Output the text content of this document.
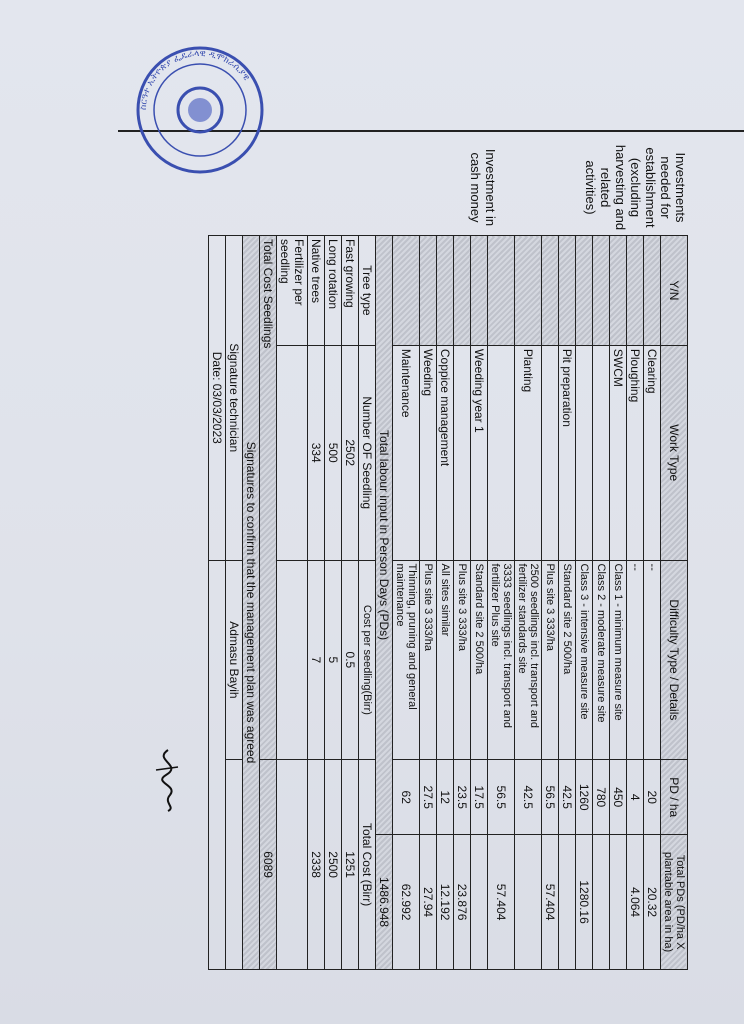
Investments needed for establishment (excluding harvesting and related activities)
Investment in cash money
Y/N	Work Type	Difficulty Type / Details	PD / ha	Total PDs (PD/ha X plantable area in ha)
	Clearing	--	20	20.32
	Ploughing	--	4	4.064
	SWCM	Class 1 - minimum measure site	450	
		Class 2 - moderate measure site	780	
		Class 3 - intensive measure site	1260	1280.16
	Pit preparation	Standard site 2 500/ha	42.5	
		Plus site 3 333/ha	56.5	57.404
	Planting	2500 seedlings incl. transport and fertilizer standards site	42.5	
		3333 seedlings incl. transport and fertilizer Plus site	56.5	57.404
	Weeding year 1	Standard site 2 500/ha	17.5	
		Plus site 3 333/ha	23.5	23.876
	Coppice management	All sites similar	12	12.192
	Weeding	Plus site 3 333/ha	27.5	27.94
	Maintenance	Thinning, pruning and general maintenance	62	62.992
Total labour input in Person Days (PDs)				1486.948
Tree type	Number OF Seedling	Cost per seedling(Birr)	Total Cost (Birr)	
Fast growing	2502	0.5	1251	
Long rotation	500	5	2500	
Native trees	334	7	2338	
Fertilizer per seedling				
Total Cost Seedlings			6089	
Signatures to confirm that the management plan was agreed				
Signature technician		Admasu Bayih		
Date: 03/03/2023				
ስርዓተ ኢትዮጵያ ፌዴራላዊ ዲሞክራሲያዊ
